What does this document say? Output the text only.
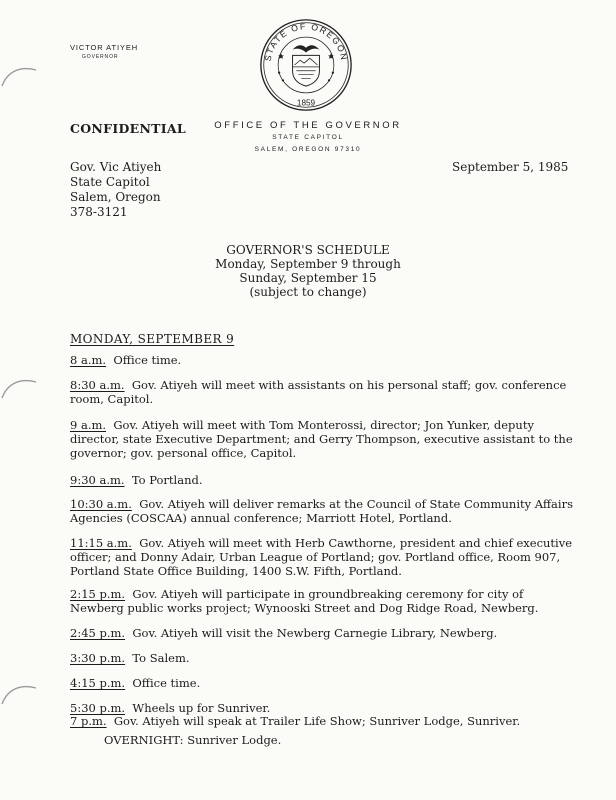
VICTOR ATIYEH
GOVERNOR	STATE OF OREGON
1859
CONFIDENTIAL	OFFICE OF THE GOVERNOR
STATE CAPITOL
SALEM, OREGON 97310
Gov. Vic Atiyeh
State Capitol
Salem, Oregon
378-3121
September 5, 1985
GOVERNOR'S SCHEDULE
Monday, September 9 through
Sunday, September 15
(subject to change)
MONDAY, SEPTEMBER 9
8 a.m. Office time.
8:30 a.m. Gov. Atiyeh will meet with assistants on his personal staff; gov. conference room, Capitol.
9 a.m. Gov. Atiyeh will meet with Tom Monterossi, director; Jon Yunker, deputy director, state Executive Department; and Gerry Thompson, executive assistant to the governor; gov. personal office, Capitol.
9:30 a.m. To Portland.
10:30 a.m. Gov. Atiyeh will deliver remarks at the Council of State Community Affairs Agencies (COSCAA) annual conference; Marriott Hotel, Portland.
11:15 a.m. Gov. Atiyeh will meet with Herb Cawthorne, president and chief executive officer; and Donny Adair, Urban League of Portland; gov. Portland office, Room 907, Portland State Office Building, 1400 S.W. Fifth, Portland.
2:15 p.m. Gov. Atiyeh will participate in groundbreaking ceremony for city of Newberg public works project; Wynooski Street and Dog Ridge Road, Newberg.
2:45 p.m. Gov. Atiyeh will visit the Newberg Carnegie Library, Newberg.
3:30 p.m. To Salem.
4:15 p.m. Office time.
5:30 p.m. Wheels up for Sunriver.
7 p.m. Gov. Atiyeh will speak at Trailer Life Show; Sunriver Lodge, Sunriver.
OVERNIGHT: Sunriver Lodge.
